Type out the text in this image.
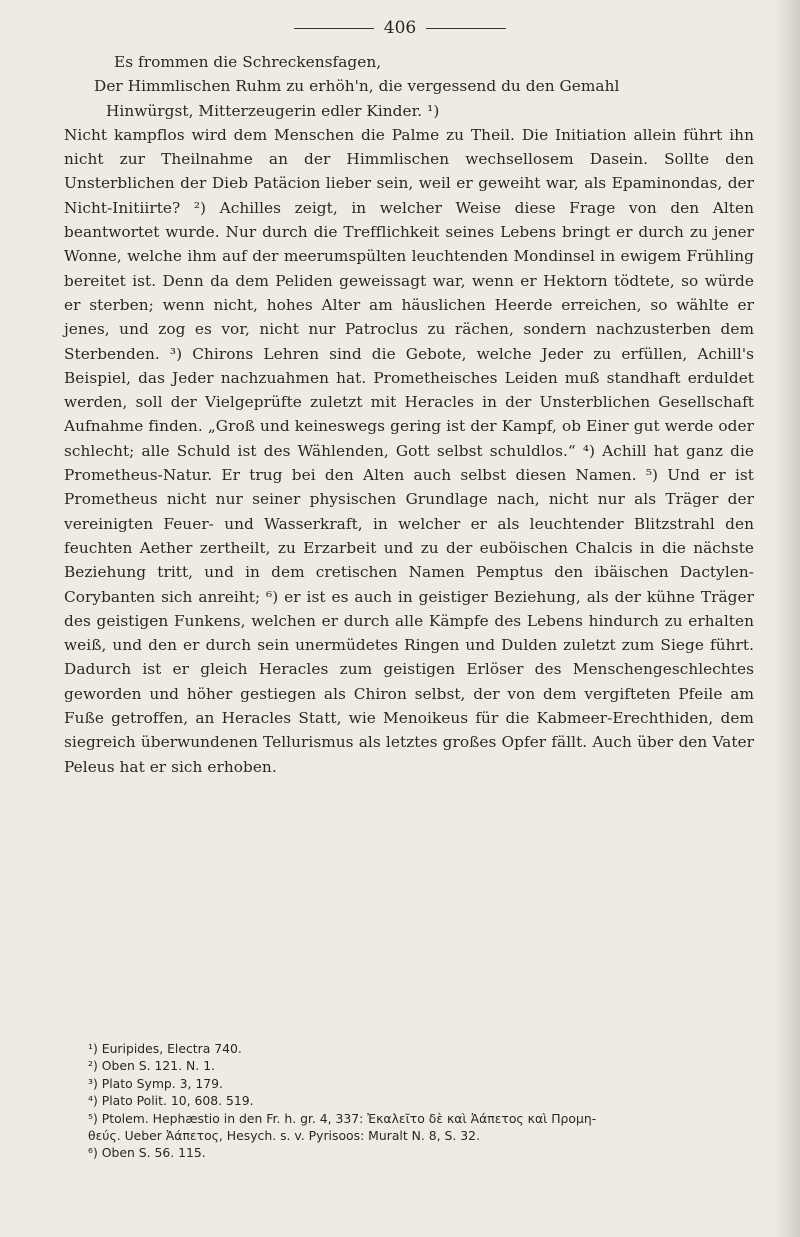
406

Es frommen die Schreckensfagen,

Der Himmlischen Ruhm zu erhöh'n, die vergessend du den Gemahl

Hinwürgst, Mitterzeugerin edler Kinder. ¹)

Nicht kampflos wird dem Menschen die Palme zu Theil. Die Initiation allein führt ihn nicht zur Theilnahme an der Himmlischen wechsellosem Dasein. Sollte den Unsterblichen der Dieb Patäcion lieber sein, weil er geweiht war, als Epaminondas, der Nicht-Initiirte? ²) Achilles zeigt, in welcher Weise diese Frage von den Alten beantwortet wurde. Nur durch die Trefflichkeit seines Lebens bringt er durch zu jener Wonne, welche ihm auf der meerumspülten leuchtenden Mondinsel in ewigem Frühling bereitet ist. Denn da dem Peliden geweissagt war, wenn er Hektorn tödtete, so würde er sterben; wenn nicht, hohes Alter am häuslichen Heerde erreichen, so wählte er jenes, und zog es vor, nicht nur Patroclus zu rächen, sondern nachzusterben dem Sterbenden. ³) Chirons Lehren sind die Gebote, welche Jeder zu erfüllen, Achill's Beispiel, das Jeder nachzuahmen hat. Prometheisches Leiden muß standhaft erduldet werden, soll der Vielgeprüfte zuletzt mit Heracles in der Unsterblichen Gesellschaft Aufnahme finden. „Groß und keineswegs gering ist der Kampf, ob Einer gut werde oder schlecht; alle Schuld ist des Wählenden, Gott selbst schuldlos.“ ⁴) Achill hat ganz die Prometheus-Natur. Er trug bei den Alten auch selbst diesen Namen. ⁵) Und er ist Prometheus nicht nur seiner physischen Grundlage nach, nicht nur als Träger der vereinigten Feuer- und Wasserkraft, in welcher er als leuchtender Blitzstrahl den feuchten Aether zertheilt, zu Erzarbeit und zu der euböischen Chalcis in die nächste Beziehung tritt, und in dem cretischen Namen Pemptus den ibäischen Dactylen-Corybanten sich anreiht; ⁶) er ist es auch in geistiger Beziehung, als der kühne Träger des geistigen Funkens, welchen er durch alle Kämpfe des Lebens hindurch zu erhalten weiß, und den er durch sein unermüdetes Ringen und Dulden zuletzt zum Siege führt. Dadurch ist er gleich Heracles zum geistigen Erlöser des Menschengeschlechtes geworden und höher gestiegen als Chiron selbst, der von dem vergifteten Pfeile am Fuße getroffen, an Heracles Statt, wie Menoikeus für die Kabmeer-Erechthiden, dem siegreich überwundenen Tellurismus als letztes großes Opfer fällt. Auch über den Vater Peleus hat er sich erhoben.

¹) Euripides, Electra 740.
²) Oben S. 121. N. 1.
³) Plato Symp. 3, 179.
⁴) Plato Polit. 10, 608. 519.
⁵) Ptolem. Hephæstio in den Fr. h. gr. 4, 337: Ἐκαλεῖτο δὲ καὶ Ἀάπετος καὶ Προμη-
θεύς. Ueber Ἀάπετος, Hesych. s. v. Pyrisoos: Muralt N. 8, S. 32.
⁶) Oben S. 56. 115.
